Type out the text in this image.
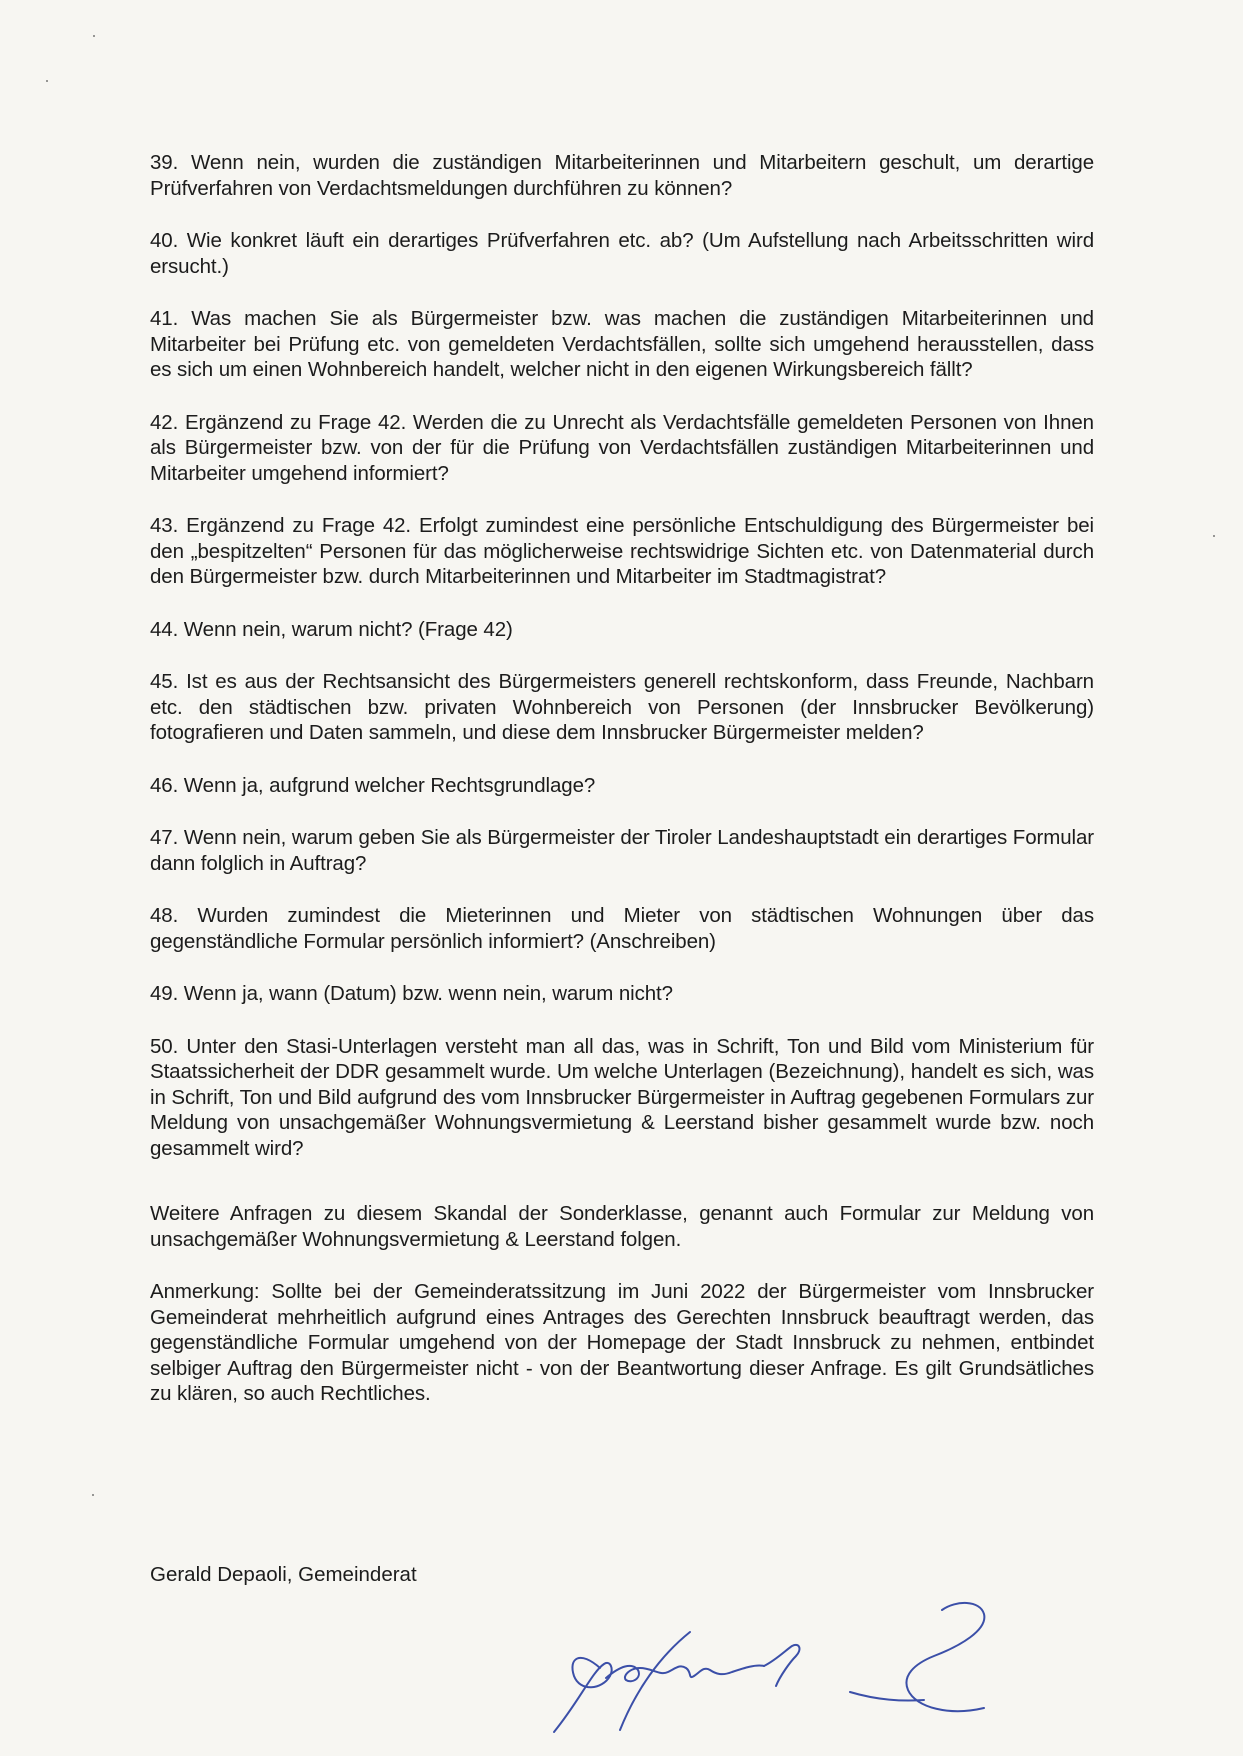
39. Wenn nein, wurden die zuständigen Mitarbeiterinnen und Mitarbeitern geschult, um derartige Prüfverfahren von Verdachtsmeldungen durchführen zu können?

40. Wie konkret läuft ein derartiges Prüfverfahren etc. ab? (Um Aufstellung nach Arbeitsschritten wird ersucht.)

41. Was machen Sie als Bürgermeister bzw. was machen die zuständigen Mitarbeiterinnen und Mitarbeiter bei Prüfung etc. von gemeldeten Verdachtsfällen, sollte sich umgehend herausstellen, dass es sich um einen Wohnbereich handelt, welcher nicht in den eigenen Wirkungsbereich fällt?

42. Ergänzend zu Frage 42. Werden die zu Unrecht als Verdachtsfälle gemeldeten Personen von Ihnen als Bürgermeister bzw. von der für die Prüfung von Verdachtsfällen zuständigen Mitarbeiterinnen und Mitarbeiter umgehend informiert?

43. Ergänzend zu Frage 42. Erfolgt zumindest eine persönliche Entschuldigung des Bürgermeister bei den „bespitzelten“ Personen für das möglicherweise rechtswidrige Sichten etc. von Datenmaterial durch den Bürgermeister bzw. durch Mitarbeiterinnen und Mitarbeiter im Stadtmagistrat?

44. Wenn nein, warum nicht? (Frage 42)

45. Ist es aus der Rechtsansicht des Bürgermeisters generell rechtskonform, dass Freunde, Nachbarn etc. den städtischen bzw. privaten Wohnbereich von Personen (der Innsbrucker Bevölkerung) fotografieren und Daten sammeln, und diese dem Innsbrucker Bürgermeister melden?

46. Wenn ja, aufgrund welcher Rechtsgrundlage?

47. Wenn nein, warum geben Sie als Bürgermeister der Tiroler Landeshauptstadt ein derartiges Formular dann folglich in Auftrag?

48. Wurden zumindest die Mieterinnen und Mieter von städtischen Wohnungen über das gegenständliche Formular persönlich informiert? (Anschreiben)

49. Wenn ja, wann (Datum) bzw. wenn nein, warum nicht?

50. Unter den Stasi-Unterlagen versteht man all das, was in Schrift, Ton und Bild vom Ministerium für Staatssicherheit der DDR gesammelt wurde. Um welche Unterlagen (Bezeichnung), handelt es sich, was in Schrift, Ton und Bild aufgrund des vom Innsbrucker Bürgermeister in Auftrag gegebenen Formulars zur Meldung von unsachgemäßer Wohnungsvermietung & Leerstand bisher gesammelt wurde bzw. noch gesammelt wird?

Weitere Anfragen zu diesem Skandal der Sonderklasse, genannt auch Formular zur Meldung von unsachgemäßer Wohnungsvermietung & Leerstand folgen.

Anmerkung: Sollte bei der Gemeinderatssitzung im Juni 2022 der Bürgermeister vom Innsbrucker Gemeinderat mehrheitlich aufgrund eines Antrages des Gerechten Innsbruck beauftragt werden, das gegenständliche Formular umgehend von der Homepage der Stadt Innsbruck zu nehmen, entbindet selbiger Auftrag den Bürgermeister nicht - von der Beantwortung dieser Anfrage. Es gilt Grundsätliches zu klären, so auch Rechtliches.

Gerald Depaoli, Gemeinderat
